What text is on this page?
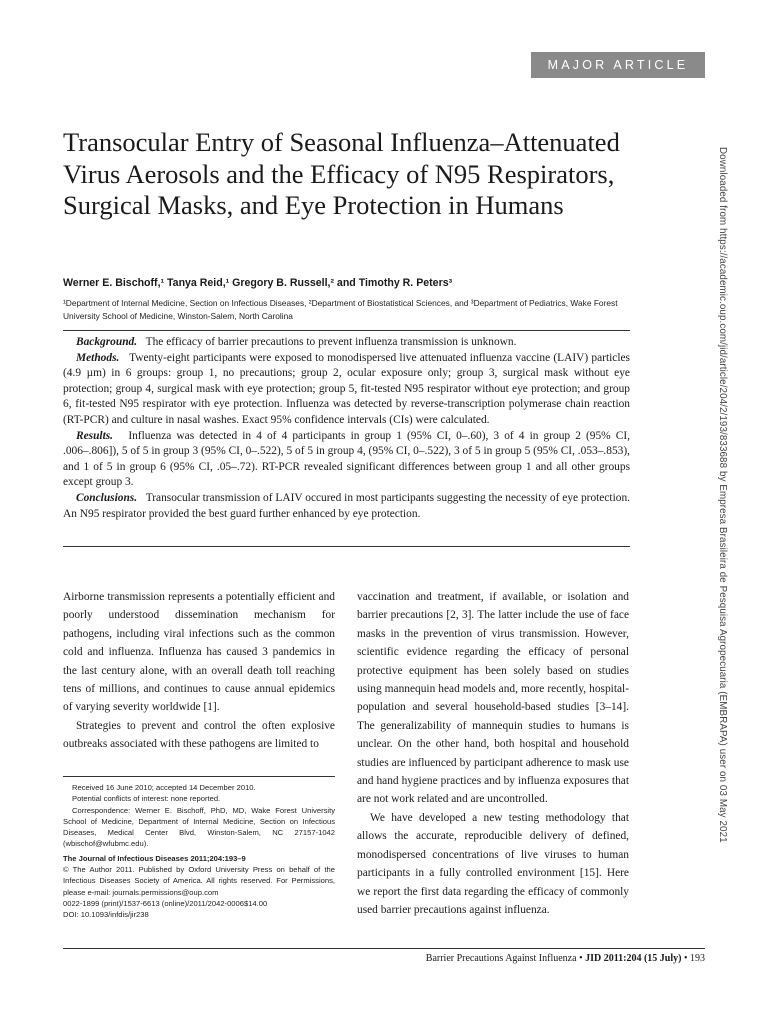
MAJOR ARTICLE
Transocular Entry of Seasonal Influenza–Attenuated Virus Aerosols and the Efficacy of N95 Respirators, Surgical Masks, and Eye Protection in Humans
Werner E. Bischoff,¹ Tanya Reid,¹ Gregory B. Russell,² and Timothy R. Peters³
¹Department of Internal Medicine, Section on Infectious Diseases, ²Department of Biostatistical Sciences, and ³Department of Pediatrics, Wake Forest University School of Medicine, Winston-Salem, North Carolina

Background. The efficacy of barrier precautions to prevent influenza transmission is unknown.

Methods. Twenty-eight participants were exposed to monodispersed live attenuated influenza vaccine (LAIV) particles (4.9 µm) in 6 groups: group 1, no precautions; group 2, ocular exposure only; group 3, surgical mask without eye protection; group 4, surgical mask with eye protection; group 5, fit-tested N95 respirator without eye protection; and group 6, fit-tested N95 respirator with eye protection. Influenza was detected by reverse-transcription polymerase chain reaction (RT-PCR) and culture in nasal washes. Exact 95% confidence intervals (CIs) were calculated.

Results. Influenza was detected in 4 of 4 participants in group 1 (95% CI, 0–.60), 3 of 4 in group 2 (95% CI, .006–.806]), 5 of 5 in group 3 (95% CI, 0–.522), 5 of 5 in group 4, (95% CI, 0–.522), 3 of 5 in group 5 (95% CI, .053–.853), and 1 of 5 in group 6 (95% CI, .05–.72). RT-PCR revealed significant differences between group 1 and all other groups except group 3.

Conclusions. Transocular transmission of LAIV occured in most participants suggesting the necessity of eye protection. An N95 respirator provided the best guard further enhanced by eye protection.

Airborne transmission represents a potentially efficient and poorly understood dissemination mechanism for pathogens, including viral infections such as the common cold and influenza. Influenza has caused 3 pandemics in the last century alone, with an overall death toll reaching tens of millions, and continues to cause annual epidemics of varying severity worldwide [1].

Strategies to prevent and control the often explosive outbreaks associated with these pathogens are limited to

vaccination and treatment, if available, or isolation and barrier precautions [2, 3]. The latter include the use of face masks in the prevention of virus transmission. However, scientific evidence regarding the efficacy of personal protective equipment has been solely based on studies using mannequin head models and, more recently, hospital-population and several household-based studies [3–14]. The generalizability of mannequin studies to humans is unclear. On the other hand, both hospital and household studies are influenced by participant adherence to mask use and hand hygiene practices and by influenza exposures that are not work related and are uncontrolled.

We have developed a new testing methodology that allows the accurate, reproducible delivery of defined, monodispersed concentrations of live viruses to human participants in a fully controlled environment [15]. Here we report the first data regarding the efficacy of commonly used barrier precautions against influenza.

Received 16 June 2010; accepted 14 December 2010.

Potential conflicts of interest: none reported.

Correspondence: Werner E. Bischoff, PhD, MD, Wake Forest University School of Medicine, Department of Internal Medicine, Section on Infectious Diseases, Medical Center Blvd, Winston-Salem, NC 27157-1042 (wbischof@wfubmc.edu).

The Journal of Infectious Diseases 2011;204:193–9

© The Author 2011. Published by Oxford University Press on behalf of the Infectious Diseases Society of America. All rights reserved. For Permissions, please e-mail: journals.permissions@oup.com

0022-1899 (print)/1537-6613 (online)/2011/2042-0006$14.00

DOI: 10.1093/infdis/jir238

Barrier Precautions Against Influenza • JID 2011:204 (15 July) • 193
Downloaded from https://academic.oup.com/jid/article/204/2/193/833688 by Empresa Brasileira de Pesquisa Agropecuaria (EMBRAPA) user on 03 May 2021
